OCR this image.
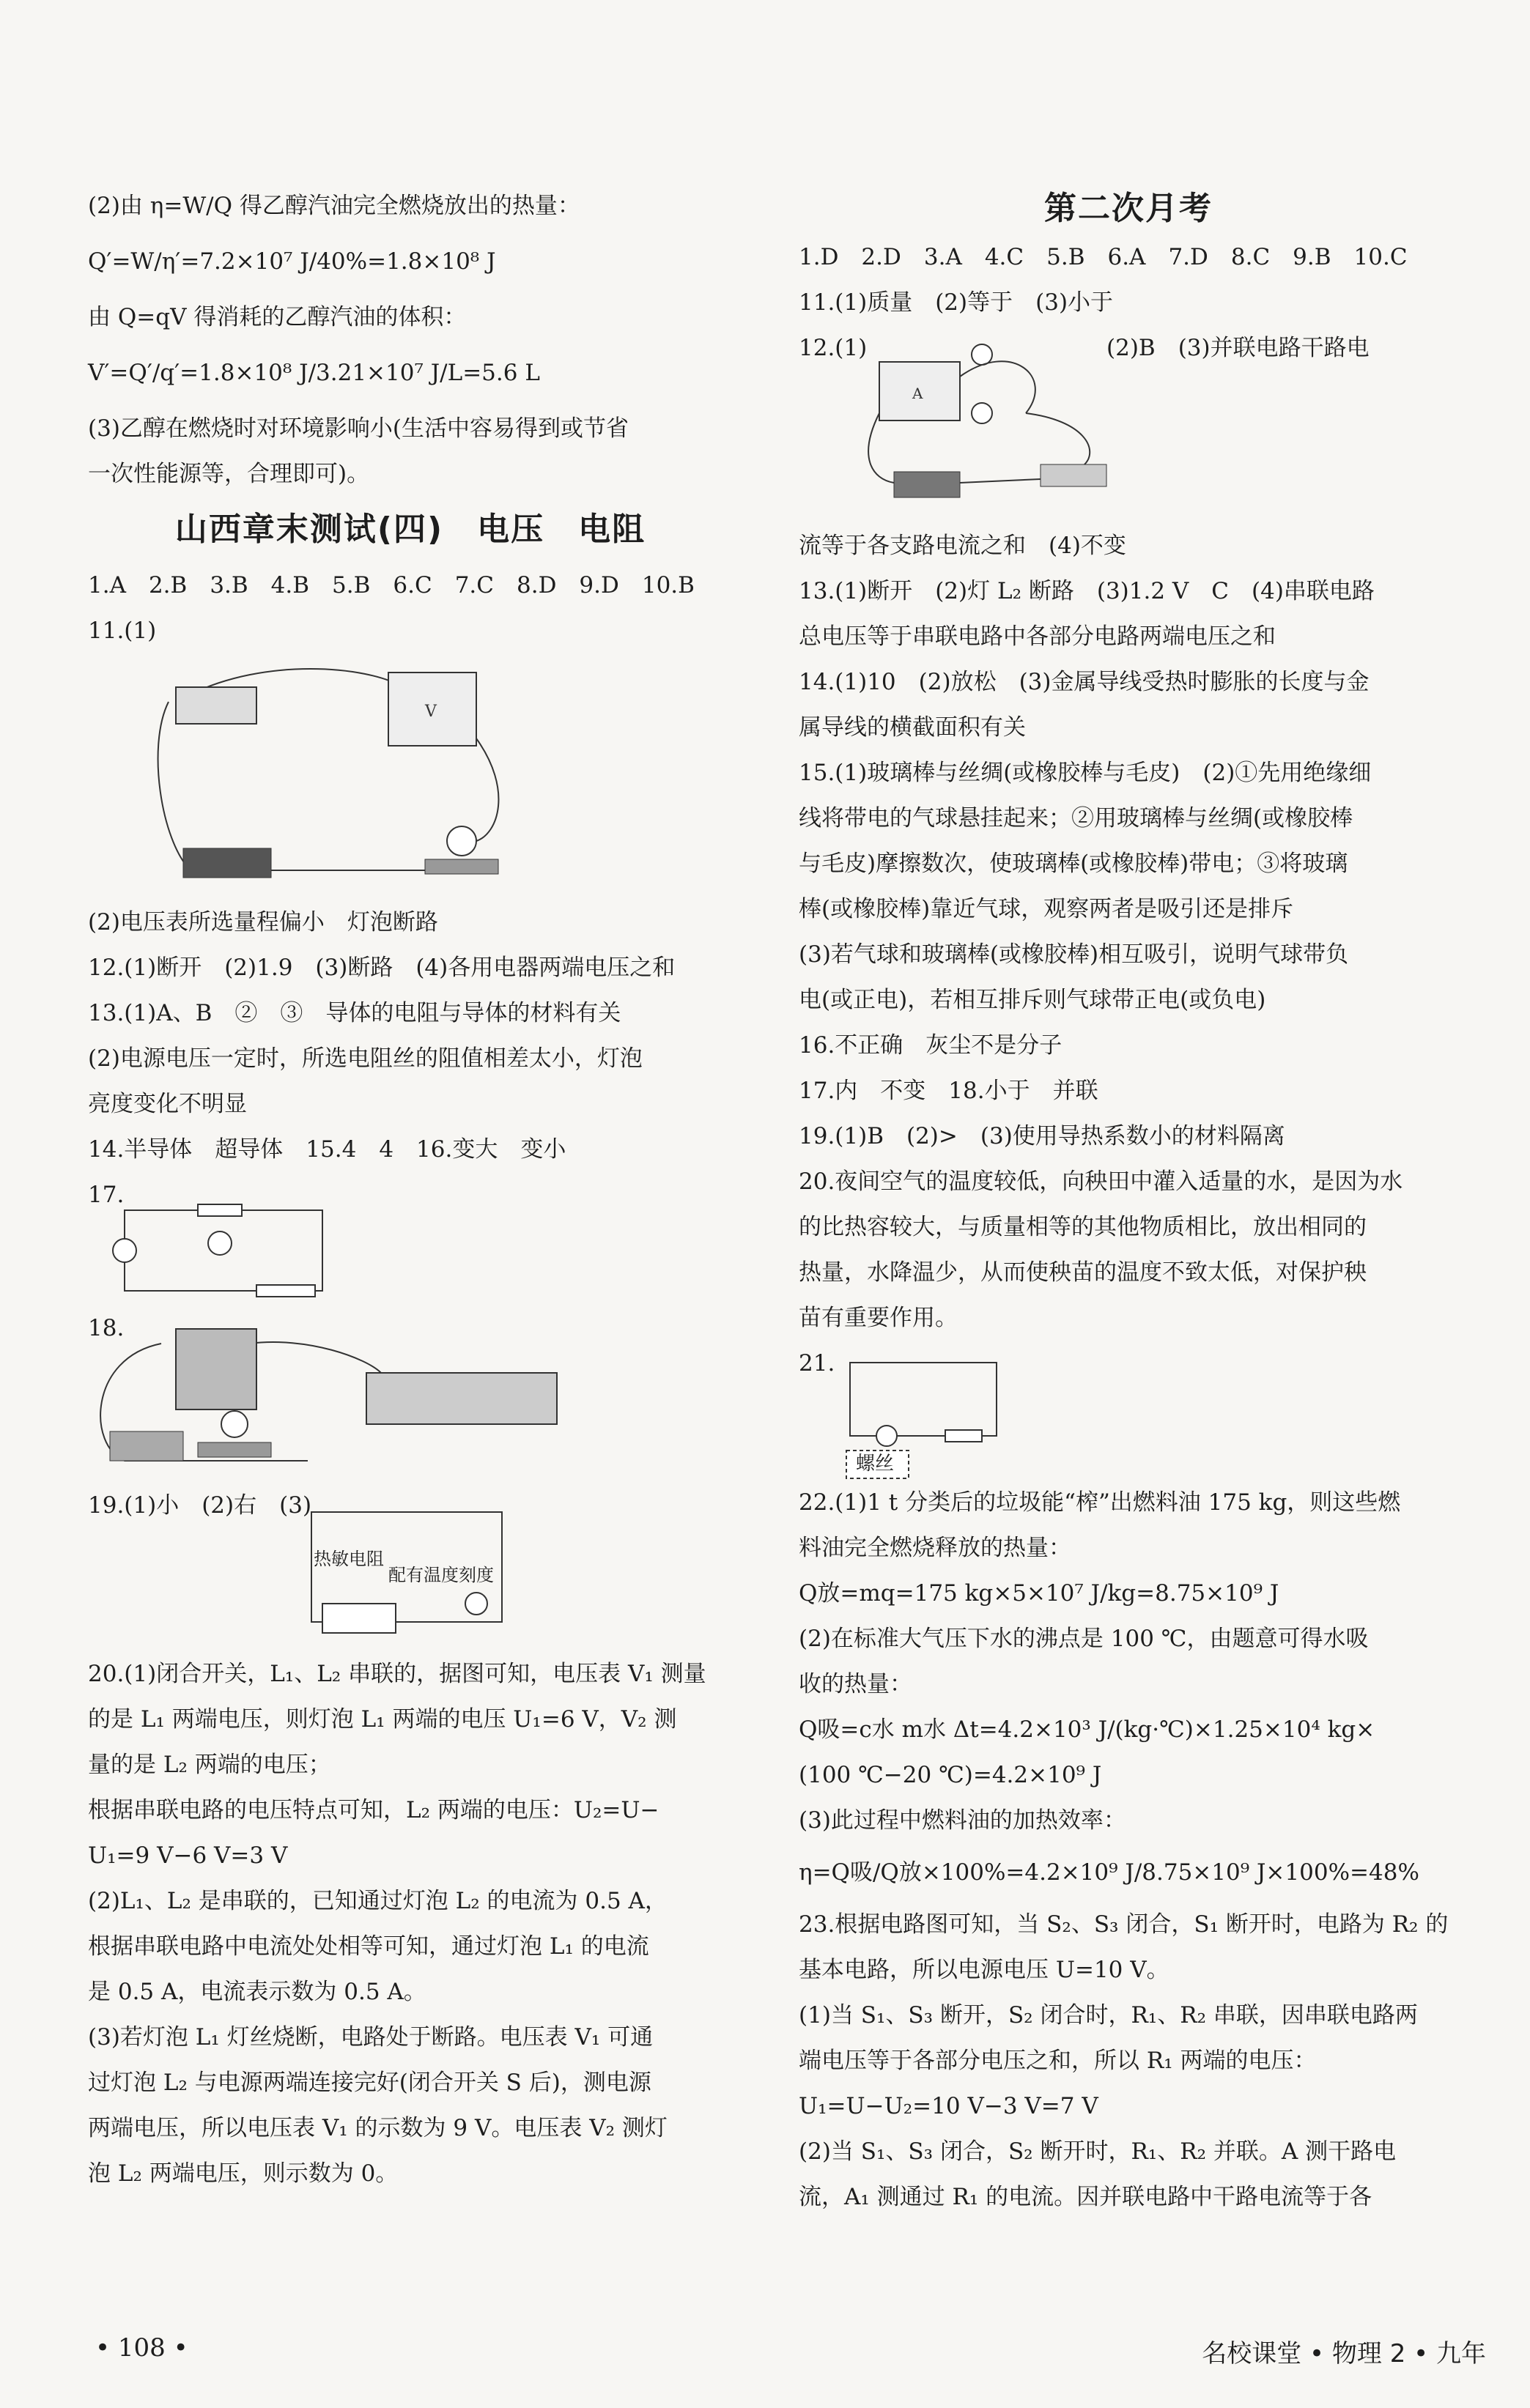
(2)由 η=W/Q 得乙醇汽油完全燃烧放出的热量：
Q′=W/η′=7.2×10⁷ J/40%=1.8×10⁸ J
由 Q=qV 得消耗的乙醇汽油的体积：
V′=Q′/q′=1.8×10⁸ J/3.21×10⁷ J/L=5.6 L
(3)乙醇在燃烧时对环境影响小(生活中容易得到或节省
一次性能源等，合理即可)。
山西章末测试(四)　电压　电阻
1.A　2.B　3.B　4.B　5.B　6.C　7.C　8.D　9.D　10.B
11.(1)
V
(2)电压表所选量程偏小　灯泡断路
12.(1)断开　(2)1.9　(3)断路　(4)各用电器两端电压之和
13.(1)A、B　②　③　导体的电阻与导体的材料有关
(2)电源电压一定时，所选电阻丝的阻值相差太小，灯泡
亮度变化不明显
14.半导体　超导体　15.4　4　16.变大　变小
17.
18.
19.(1)小　(2)右　(3)
热敏电阻
配有温度刻度
20.(1)闭合开关，L₁、L₂ 串联的，据图可知，电压表 V₁ 测量
的是 L₁ 两端电压，则灯泡 L₁ 两端的电压 U₁=6 V，V₂ 测
量的是 L₂ 两端的电压；
根据串联电路的电压特点可知，L₂ 两端的电压：U₂=U−
U₁=9 V−6 V=3 V
(2)L₁、L₂ 是串联的，已知通过灯泡 L₂ 的电流为 0.5 A，
根据串联电路中电流处处相等可知，通过灯泡 L₁ 的电流
是 0.5 A，电流表示数为 0.5 A。
(3)若灯泡 L₁ 灯丝烧断，电路处于断路。电压表 V₁ 可通
过灯泡 L₂ 与电源两端连接完好(闭合开关 S 后)，测电源
两端电压，所以电压表 V₁ 的示数为 9 V。电压表 V₂ 测灯
泡 L₂ 两端电压，则示数为 0。
第二次月考
1.D　2.D　3.A　4.C　5.B　6.A　7.D　8.C　9.B　10.C
11.(1)质量　(2)等于　(3)小于
12.(1)	(2)B　(3)并联电路干路电
A
流等于各支路电流之和　(4)不变
13.(1)断开　(2)灯 L₂ 断路　(3)1.2 V　C　(4)串联电路
总电压等于串联电路中各部分电路两端电压之和
14.(1)10　(2)放松　(3)金属导线受热时膨胀的长度与金
属导线的横截面积有关
15.(1)玻璃棒与丝绸(或橡胶棒与毛皮)　(2)①先用绝缘细
线将带电的气球悬挂起来；②用玻璃棒与丝绸(或橡胶棒
与毛皮)摩擦数次，使玻璃棒(或橡胶棒)带电；③将玻璃
棒(或橡胶棒)靠近气球，观察两者是吸引还是排斥
(3)若气球和玻璃棒(或橡胶棒)相互吸引，说明气球带负
电(或正电)，若相互排斥则气球带正电(或负电)
16.不正确　灰尘不是分子
17.内　不变　18.小于　并联
19.(1)B　(2)>　(3)使用导热系数小的材料隔离
20.夜间空气的温度较低，向秧田中灌入适量的水，是因为水
的比热容较大，与质量相等的其他物质相比，放出相同的
热量，水降温少，从而使秧苗的温度不致太低，对保护秧
苗有重要作用。
21.
螺丝
22.(1)1 t 分类后的垃圾能“榨”出燃料油 175 kg，则这些燃
料油完全燃烧释放的热量：
Q放=mq=175 kg×5×10⁷ J/kg=8.75×10⁹ J
(2)在标准大气压下水的沸点是 100 ℃，由题意可得水吸
收的热量：
Q吸=c水 m水 Δt=4.2×10³ J/(kg·℃)×1.25×10⁴ kg×
(100 ℃−20 ℃)=4.2×10⁹ J
(3)此过程中燃料油的加热效率：
η=Q吸/Q放×100%=4.2×10⁹ J/8.75×10⁹ J×100%=48%
23.根据电路图可知，当 S₂、S₃ 闭合，S₁ 断开时，电路为 R₂ 的
基本电路，所以电源电压 U=10 V。
(1)当 S₁、S₃ 断开，S₂ 闭合时，R₁、R₂ 串联，因串联电路两
端电压等于各部分电压之和，所以 R₁ 两端的电压：
U₁=U−U₂=10 V−3 V=7 V
(2)当 S₁、S₃ 闭合，S₂ 断开时，R₁、R₂ 并联。A 测干路电
流，A₁ 测通过 R₁ 的电流。因并联电路中干路电流等于各
• 108 •	名校课堂 • 物理 2 • 九年
